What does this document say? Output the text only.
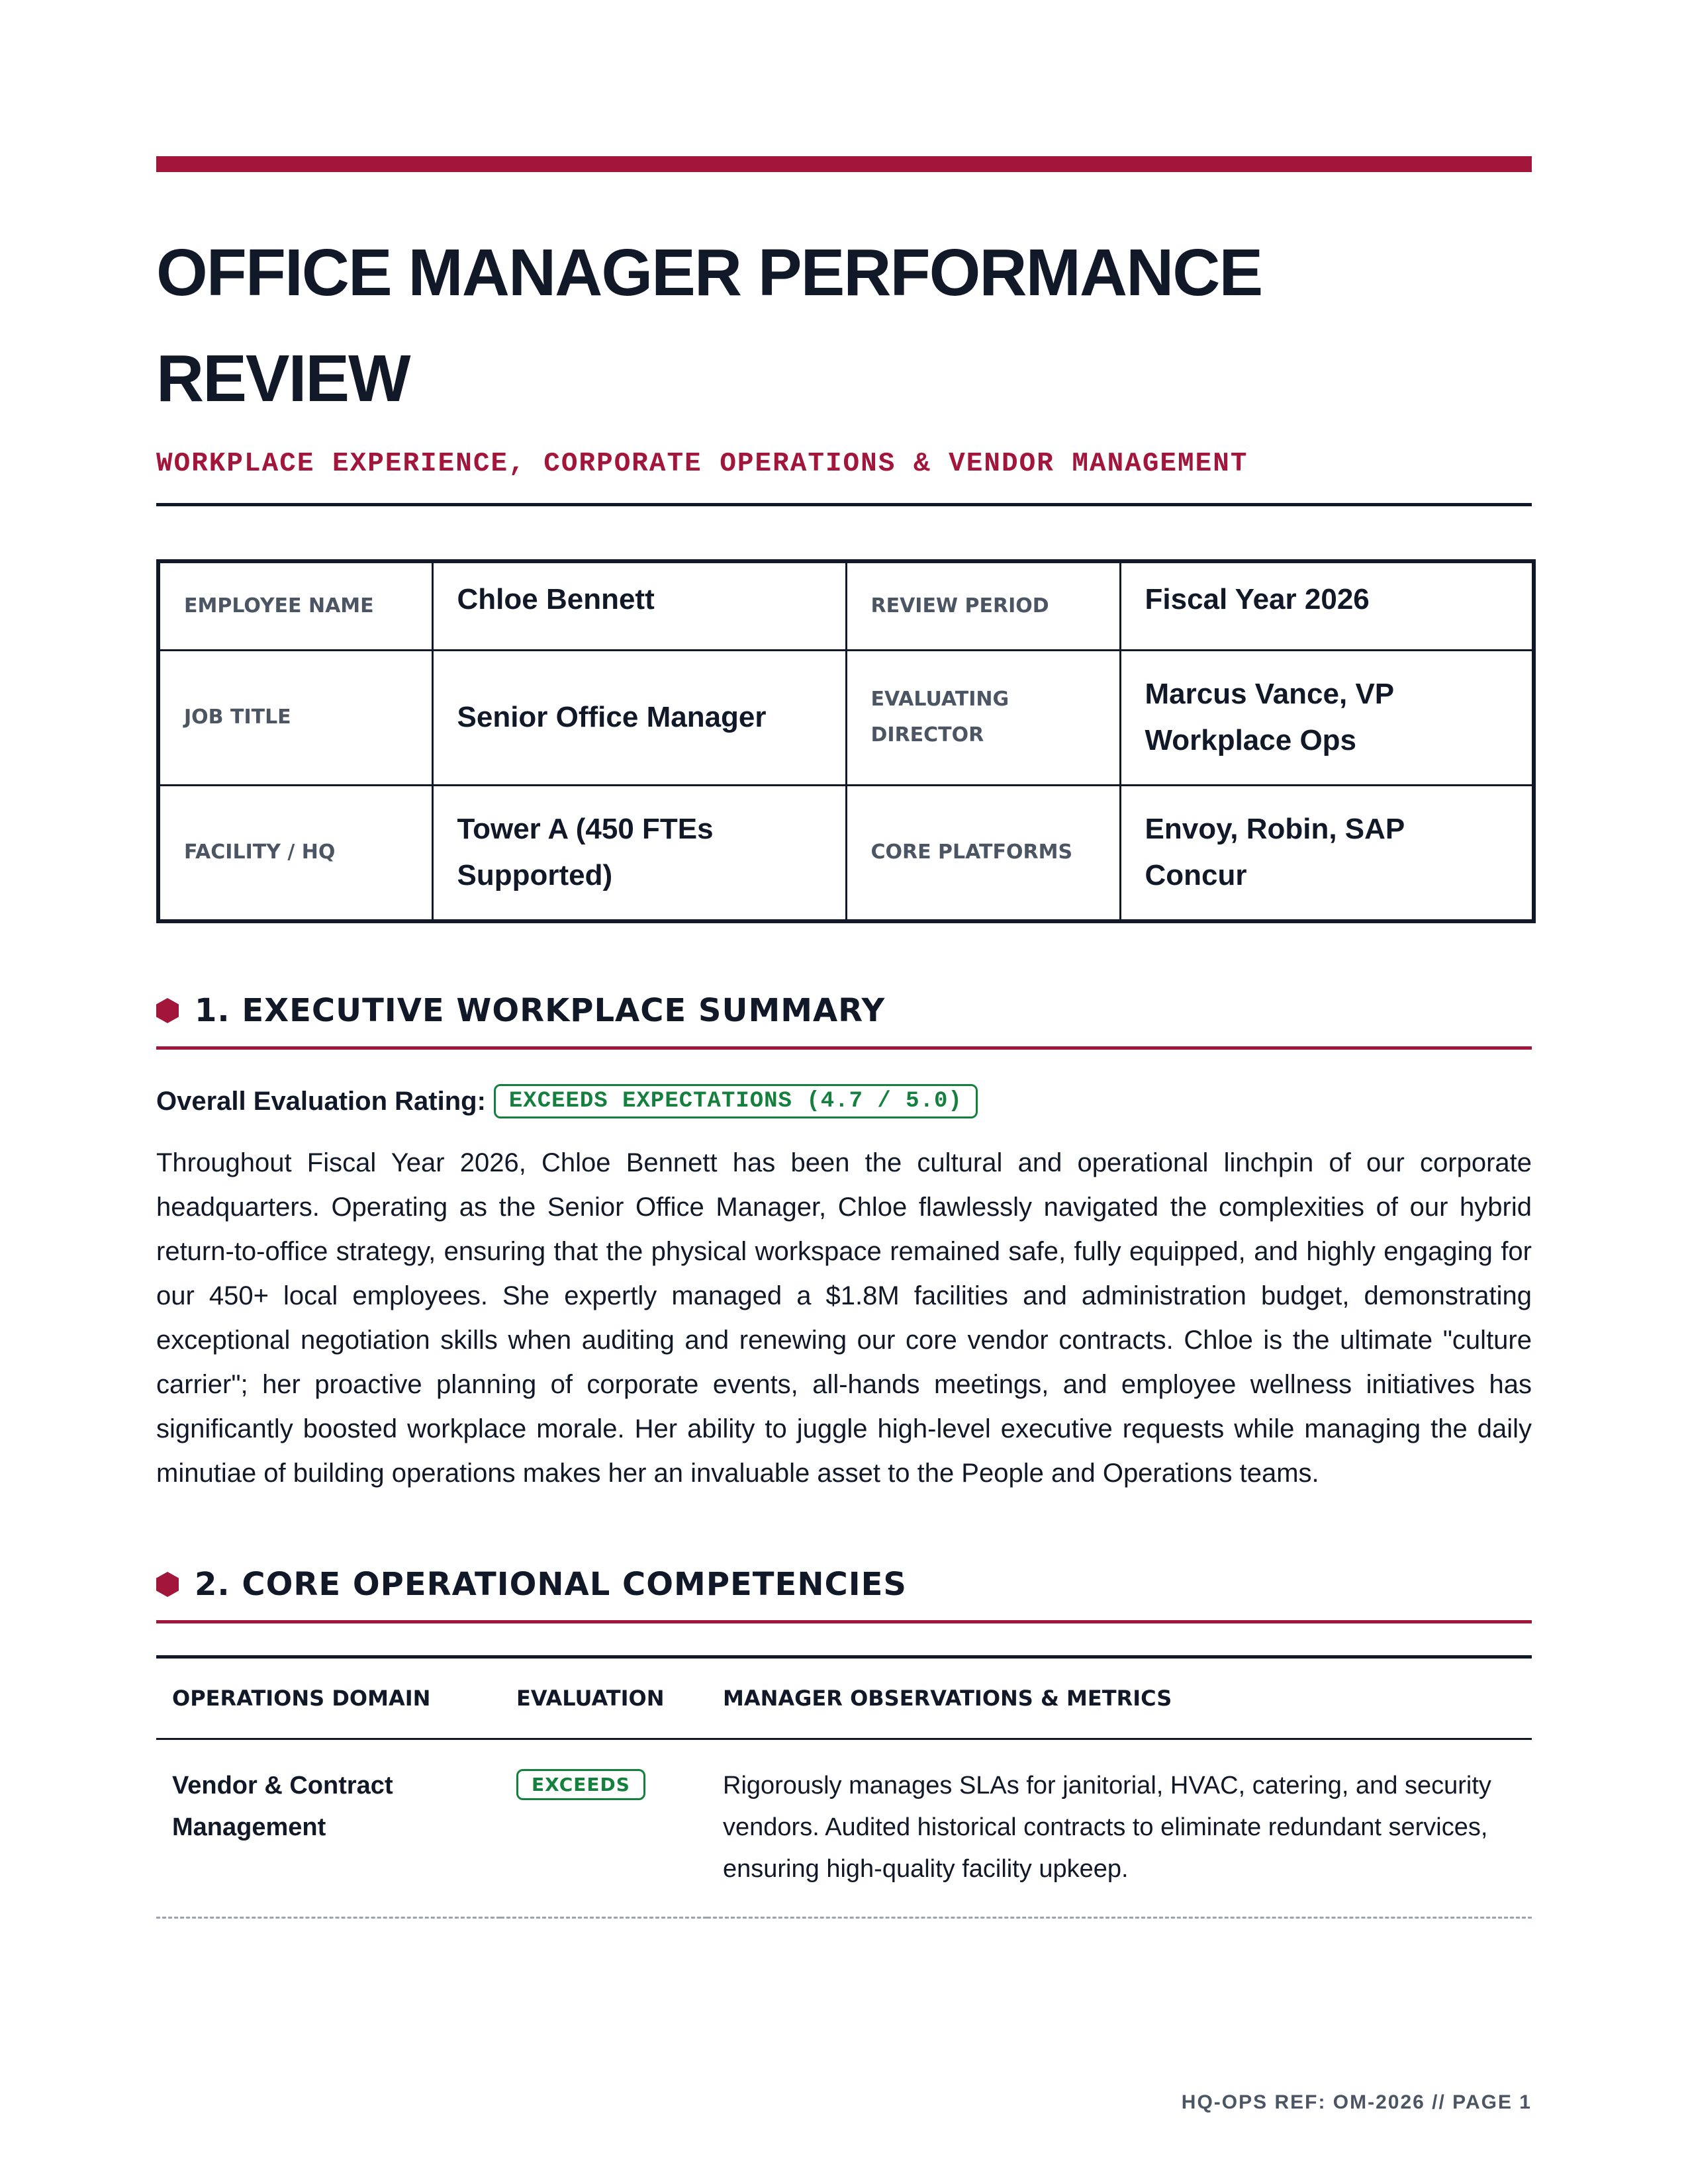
OFFICE MANAGER PERFORMANCE REVIEW
WORKPLACE EXPERIENCE, CORPORATE OPERATIONS & VENDOR MANAGEMENT
EMPLOYEE NAME	Chloe Bennett	REVIEW PERIOD	Fiscal Year 2026

JOB TITLE	Senior Office Manager	EVALUATING DIRECTOR	Marcus Vance, VP Workplace Ops

FACILITY / HQ	Tower A (450 FTEs Supported)	CORE PLATFORMS	Envoy, Robin, SAP Concur
1. EXECUTIVE WORKPLACE SUMMARY
Overall Evaluation Rating:	EXCEEDS EXPECTATIONS (4.7 / 5.0)
Throughout Fiscal Year 2026, Chloe Bennett has been the cultural and operational linchpin of our corporate headquarters. Operating as the Senior Office Manager, Chloe flawlessly navigated the complexities of our hybrid return-to-office strategy, ensuring that the physical workspace remained safe, fully equipped, and highly engaging for our 450+ local employees. She expertly managed a $1.8M facilities and administration budget, demonstrating exceptional negotiation skills when auditing and renewing our core vendor contracts. Chloe is the ultimate "culture carrier"; her proactive planning of corporate events, all-hands meetings, and employee wellness initiatives has significantly boosted workplace morale. Her ability to juggle high-level executive requests while managing the daily minutiae of building operations makes her an invaluable asset to the People and Operations teams.
2. CORE OPERATIONAL COMPETENCIES
OPERATIONS DOMAIN	EVALUATION	MANAGER OBSERVATIONS & METRICS
Vendor & Contract Management	EXCEEDS	Rigorously manages SLAs for janitorial, HVAC, catering, and security vendors. Audited historical contracts to eliminate redundant services, ensuring high-quality facility upkeep.
HQ-OPS REF: OM-2026 // PAGE 1
